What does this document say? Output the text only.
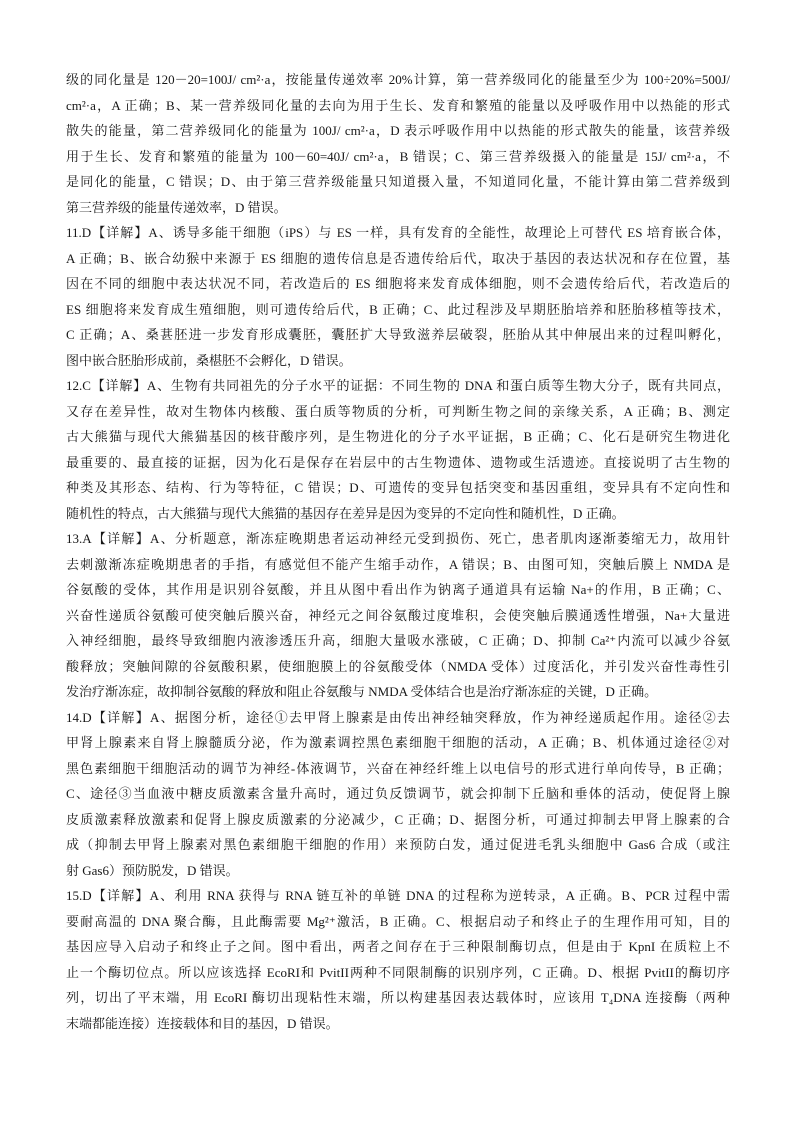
级的同化量是 120－20=100J/ cm²·a，按能量传递效率 20%计算，第一营养级同化的能量至少为 100÷20%=500J/
cm²·a，A 正确；B、某一营养级同化量的去向为用于生长、发育和繁殖的能量以及呼吸作用中以热能的形式
散失的能量，第二营养级同化的能量为 100J/ cm²·a，D 表示呼吸作用中以热能的形式散失的能量，该营养级
用于生长、发育和繁殖的能量为 100－60=40J/ cm²·a，B 错误；C、第三营养级摄入的能量是 15J/ cm²·a，不
是同化的能量，C 错误；D、由于第三营养级能量只知道摄入量，不知道同化量，不能计算由第二营养级到
第三营养级的能量传递效率，D 错误。
11.D【详解】A、诱导多能干细胞（iPS）与 ES 一样，具有发育的全能性，故理论上可替代 ES 培育嵌合体，
A 正确；B、嵌合幼猴中来源于 ES 细胞的遗传信息是否遗传给后代，取决于基因的表达状况和存在位置，基
因在不同的细胞中表达状况不同，若改造后的 ES 细胞将来发育成体细胞，则不会遗传给后代，若改造后的
ES 细胞将来发育成生殖细胞，则可遗传给后代，B 正确；C、此过程涉及早期胚胎培养和胚胎移植等技术，
C 正确；A、桑葚胚进一步发育形成囊胚，囊胚扩大导致滋养层破裂，胚胎从其中伸展出来的过程叫孵化，
图中嵌合胚胎形成前，桑椹胚不会孵化，D 错误。
12.C【详解】A、生物有共同祖先的分子水平的证据：不同生物的 DNA 和蛋白质等生物大分子，既有共同点，
又存在差异性，故对生物体内核酸、蛋白质等物质的分析，可判断生物之间的亲缘关系，A 正确；B、测定
古大熊猫与现代大熊猫基因的核苷酸序列，是生物进化的分子水平证据，B 正确；C、化石是研究生物进化
最重要的、最直接的证据，因为化石是保存在岩层中的古生物遗体、遗物或生活遗迹。直接说明了古生物的
种类及其形态、结构、行为等特征，C 错误；D、可遗传的变异包括突变和基因重组，变异具有不定向性和
随机性的特点，古大熊猫与现代大熊猫的基因存在差异是因为变异的不定向性和随机性，D 正确。
13.A【详解】A、分析题意，渐冻症晚期患者运动神经元受到损伤、死亡，患者肌肉逐渐萎缩无力，故用针
去刺激渐冻症晚期患者的手指，有感觉但不能产生缩手动作，A 错误；B、由图可知，突触后膜上 NMDA 是
谷氨酸的受体，其作用是识别谷氨酸，并且从图中看出作为钠离子通道具有运输 Na+的作用，B 正确；C、
兴奋性递质谷氨酸可使突触后膜兴奋，神经元之间谷氨酸过度堆积，会使突触后膜通透性增强，Na+大量进
入神经细胞，最终导致细胞内液渗透压升高，细胞大量吸水涨破，C 正确；D、抑制 Ca²⁺内流可以减少谷氨
酸释放；突触间隙的谷氨酸积累，使细胞膜上的谷氨酸受体（NMDA 受体）过度活化，并引发兴奋性毒性引
发治疗渐冻症，故抑制谷氨酸的释放和阻止谷氨酸与 NMDA 受体结合也是治疗渐冻症的关键，D 正确。
14.D【详解】A、据图分析，途径①去甲肾上腺素是由传出神经轴突释放，作为神经递质起作用。途径②去
甲肾上腺素来自肾上腺髓质分泌，作为激素调控黑色素细胞干细胞的活动，A 正确；B、机体通过途径②对
黑色素细胞干细胞活动的调节为神经-体液调节，兴奋在神经纤维上以电信号的形式进行单向传导，B 正确；
C、途径③当血液中糖皮质激素含量升高时，通过负反馈调节，就会抑制下丘脑和垂体的活动，使促肾上腺
皮质激素释放激素和促肾上腺皮质激素的分泌减少，C 正确；D、据图分析，可通过抑制去甲肾上腺素的合
成（抑制去甲肾上腺素对黑色素细胞干细胞的作用）来预防白发，通过促进毛乳头细胞中 Gas6 合成（或注
射 Gas6）预防脱发，D 错误。
15.D【详解】A、利用 RNA 获得与 RNA 链互补的单链 DNA 的过程称为逆转录，A 正确。B、PCR 过程中需
要耐高温的 DNA 聚合酶，且此酶需要 Mg²⁺激活，B 正确。C、根据启动子和终止子的生理作用可知，目的
基因应导入启动子和终止子之间。图中看出，两者之间存在于三种限制酶切点，但是由于 KpnI 在质粒上不
止一个酶切位点。所以应该选择 EcoRI和 PvitII两种不同限制酶的识别序列，C 正确。D、根据 PvitII的酶切序
列，切出了平末端，用 EcoRI 酶切出现粘性末端，所以构建基因表达载体时，应该用 T₄DNA 连接酶（两种
末端都能连接）连接载体和目的基因，D 错误。
